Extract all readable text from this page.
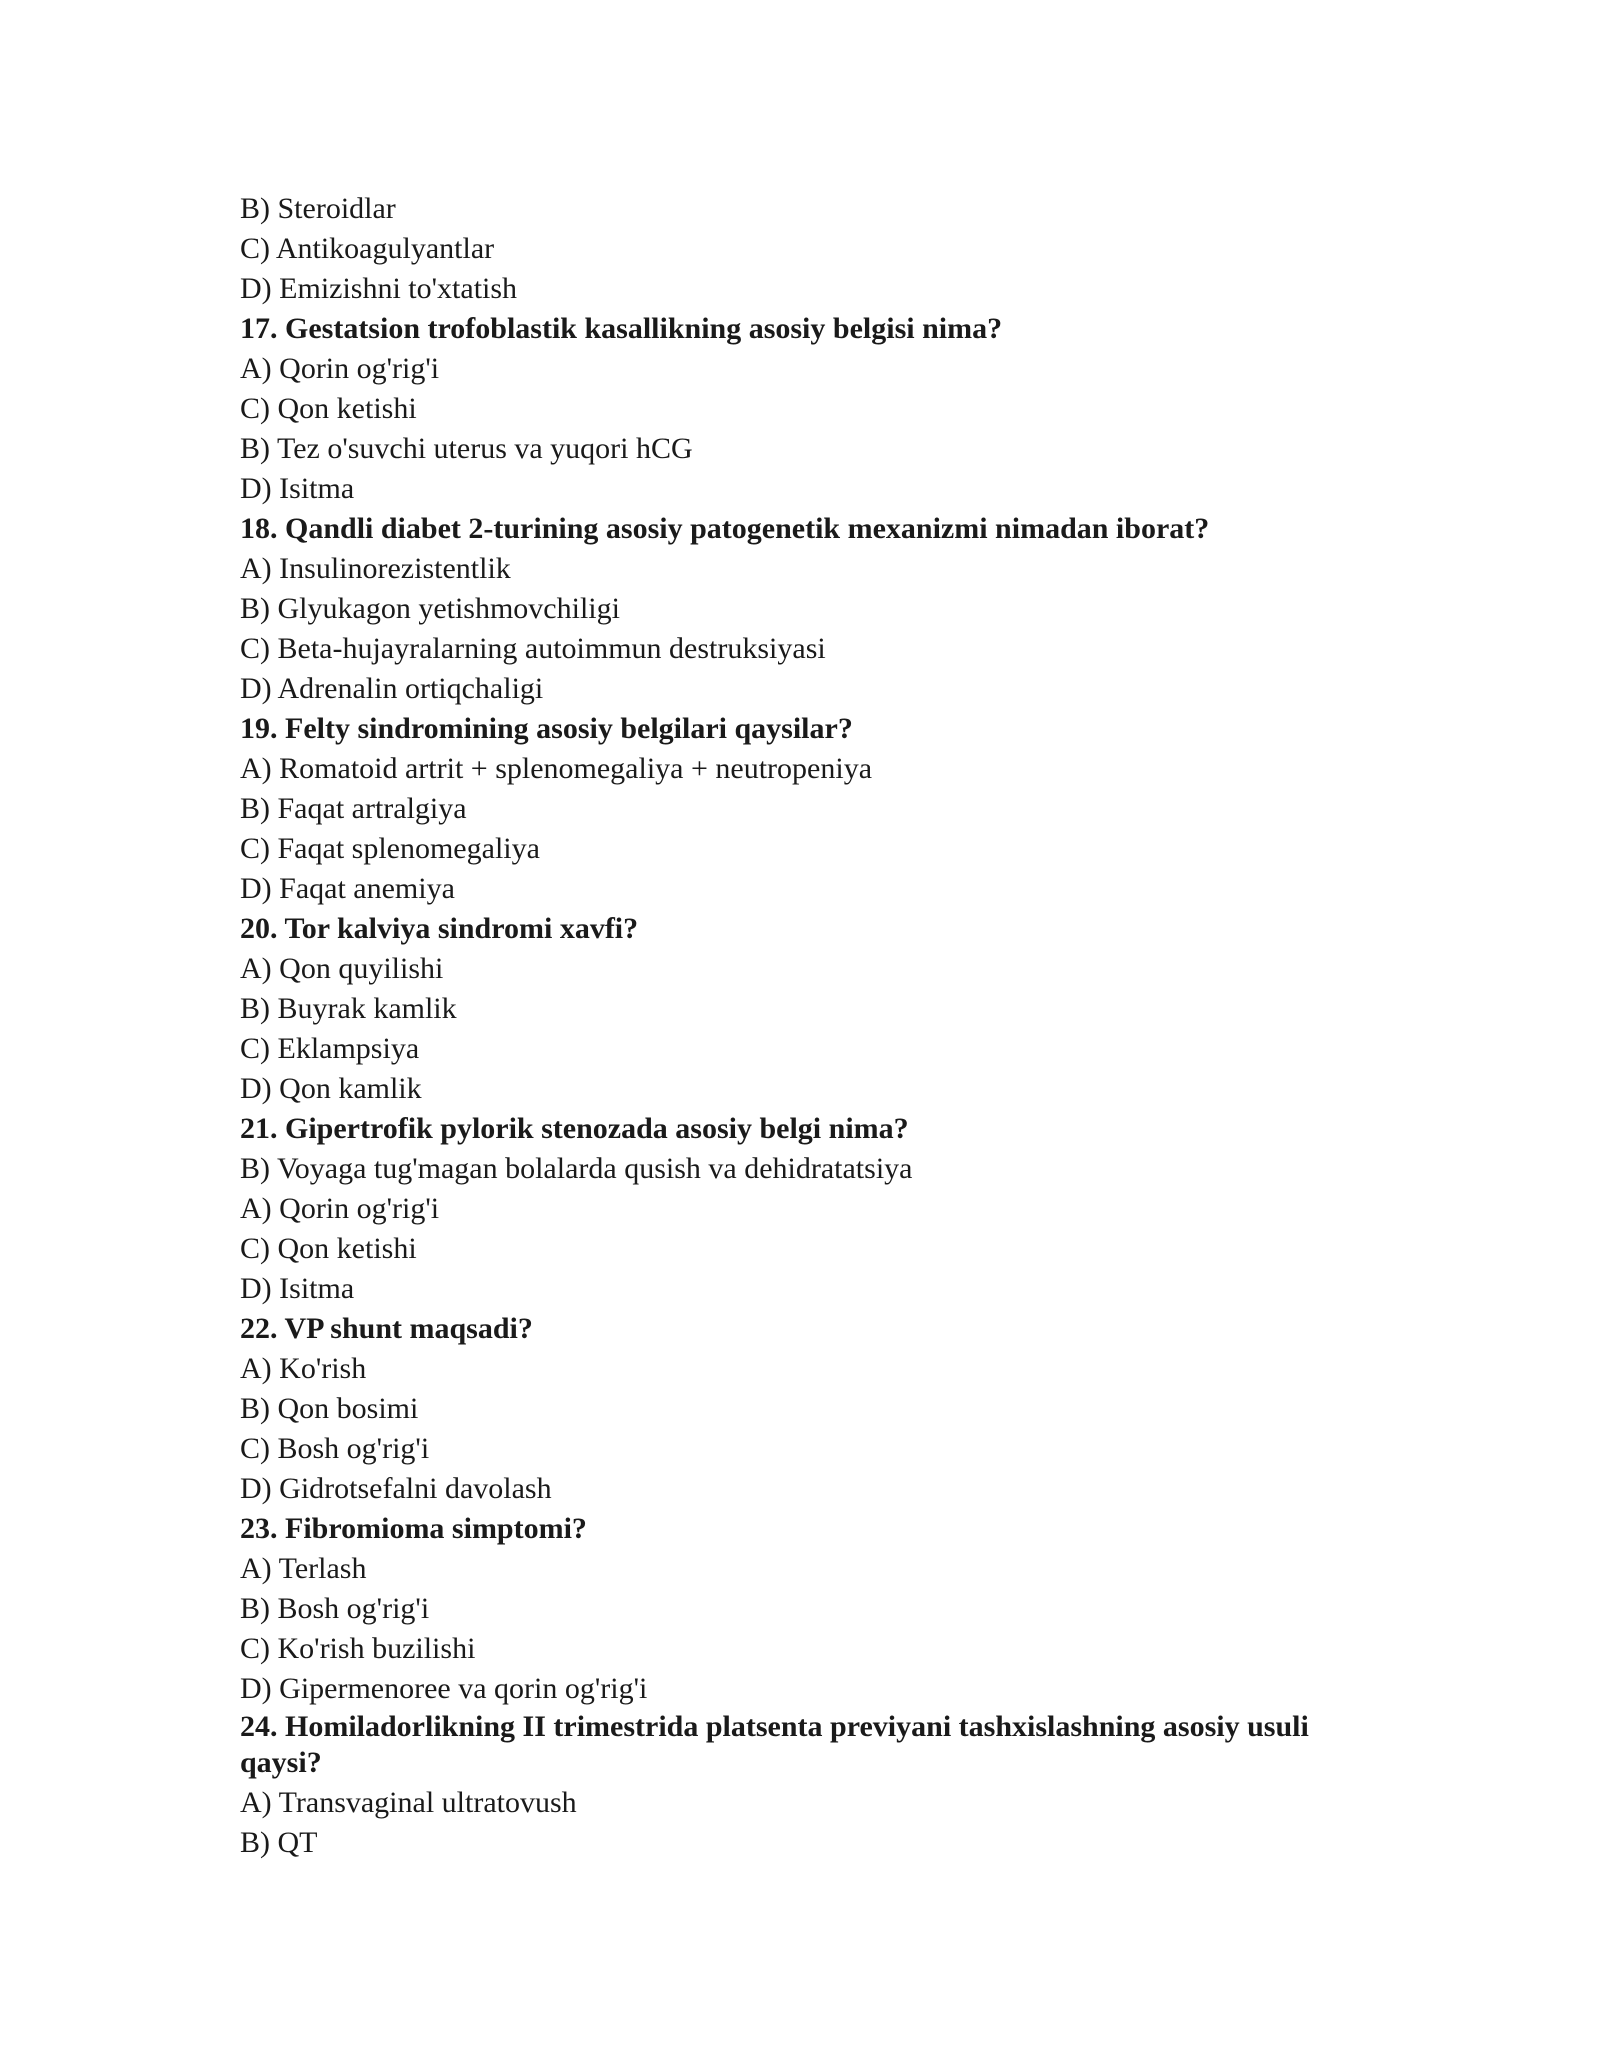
B) Steroidlar
C) Antikoagulyantlar
D) Emizishni to'xtatish
17. Gestatsion trofoblastik kasallikning asosiy belgisi nima?
A) Qorin og'rig'i
C) Qon ketishi
B) Tez o'suvchi uterus va yuqori hCG
D) Isitma
18. Qandli diabet 2-turining asosiy patogenetik mexanizmi nimadan iborat?
A) Insulinorezistentlik
B) Glyukagon yetishmovchiligi
C) Beta-hujayralarning autoimmun destruksiyasi
D) Adrenalin ortiqchaligi
19. Felty sindromining asosiy belgilari qaysilar?
A) Romatoid artrit + splenomegaliya + neutropeniya
B) Faqat artralgiya
C) Faqat splenomegaliya
D) Faqat anemiya
20. Tor kalviya sindromi xavfi?
A) Qon quyilishi
B) Buyrak kamlik
C) Eklampsiya
D) Qon kamlik
21. Gipertrofik pylorik stenozada asosiy belgi nima?
B) Voyaga tug'magan bolalarda qusish va dehidratatsiya
A) Qorin og'rig'i
C) Qon ketishi
D) Isitma
22. VP shunt maqsadi?
A) Ko'rish
B) Qon bosimi
C) Bosh og'rig'i
D) Gidrotsefalni davolash
23. Fibromioma simptomi?
A) Terlash
B) Bosh og'rig'i
C) Ko'rish buzilishi
D) Gipermenoree va qorin og'rig'i
24. Homiladorlikning II trimestrida platsenta previyani tashxislashning asosiy usuli qaysi?
A) Transvaginal ultratovush
B) QT
